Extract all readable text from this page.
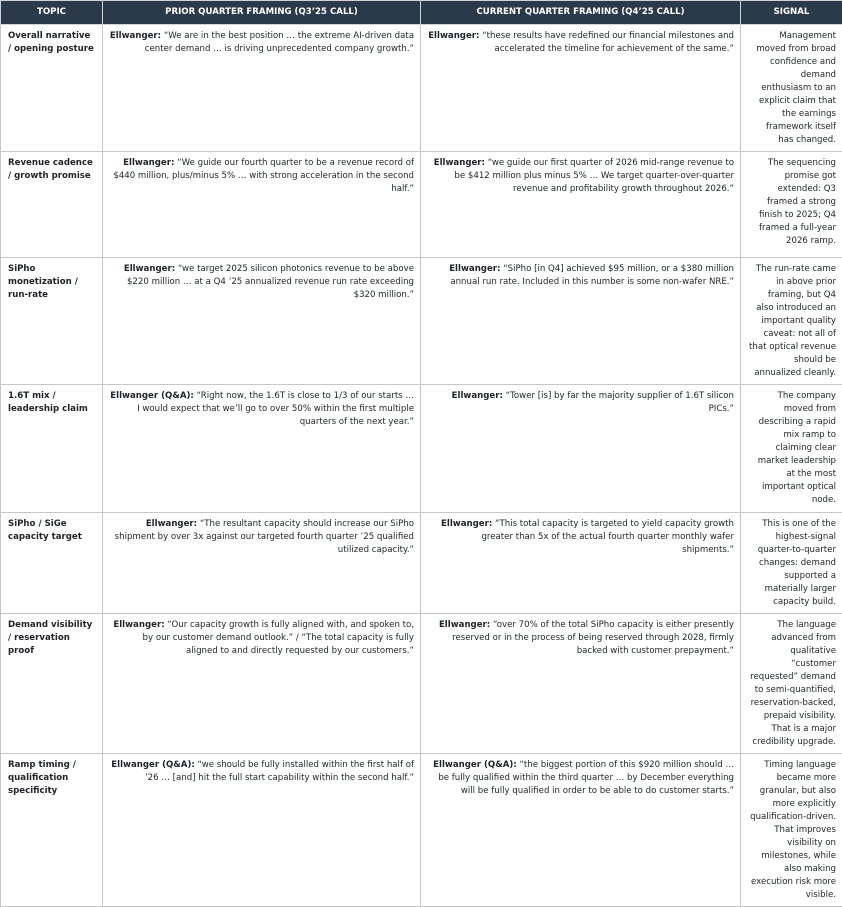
TOPIC	PRIOR QUARTER FRAMING (Q3’25 CALL)	CURRENT QUARTER FRAMING (Q4’25 CALL)	SIGNAL
Overall narrative / opening posture	Ellwanger: “We are in the best position … the extreme AI-driven data center demand … is driving unprecedented company growth.”	Ellwanger: “these results have redefined our financial milestones and accelerated the timeline for achievement of the same.”	Management moved from broad confidence and demand enthusiasm to an explicit claim that the earnings framework itself has changed.
Revenue cadence / growth promise	Ellwanger: “We guide our fourth quarter to be a revenue record of $440 million, plus/minus 5% … with strong acceleration in the second half.”	Ellwanger: “we guide our first quarter of 2026 mid-range revenue to be $412 million plus minus 5% … We target quarter-over-quarter revenue and profitability growth throughout 2026.”	The sequencing promise got extended: Q3 framed a strong finish to 2025; Q4 framed a full-year 2026 ramp.
SiPho monetization / run-rate	Ellwanger: “we target 2025 silicon photonics revenue to be above $220 million … at a Q4 ’25 annualized revenue run rate exceeding $320 million.”	Ellwanger: “SiPho [in Q4] achieved $95 million, or a $380 million annual run rate. Included in this number is some non-wafer NRE.”	The run-rate came in above prior framing, but Q4 also introduced an important quality caveat: not all of that optical revenue should be annualized cleanly.
1.6T mix / leadership claim	Ellwanger (Q&A): “Right now, the 1.6T is close to 1/3 of our starts … I would expect that we’ll go to over 50% within the first multiple quarters of the next year.”	Ellwanger: “Tower [is] by far the majority supplier of 1.6T silicon PICs.”	The company moved from describing a rapid mix ramp to claiming clear market leadership at the most important optical node.
SiPho / SiGe capacity target	Ellwanger: “The resultant capacity should increase our SiPho shipment by over 3x against our targeted fourth quarter ’25 qualified utilized capacity.”	Ellwanger: “This total capacity is targeted to yield capacity growth greater than 5x of the actual fourth quarter monthly wafer shipments.”	This is one of the highest-signal quarter-to-quarter changes: demand supported a materially larger capacity build.
Demand visibility / reservation proof	Ellwanger: “Our capacity growth is fully aligned with, and spoken to, by our customer demand outlook.” / “The total capacity is fully aligned to and directly requested by our customers.”	Ellwanger: “over 70% of the total SiPho capacity is either presently reserved or in the process of being reserved through 2028, firmly backed with customer prepayment.”	The language advanced from qualitative “customer requested” demand to semi-quantified, reservation-backed, prepaid visibility. That is a major credibility upgrade.
Ramp timing / qualification specificity	Ellwanger (Q&A): “we should be fully installed within the first half of ’26 … [and] hit the full start capability within the second half.”	Ellwanger (Q&A): “the biggest portion of this $920 million should … be fully qualified within the third quarter … by December everything will be fully qualified in order to be able to do customer starts.”	Timing language became more granular, but also more explicitly qualification-driven. That improves visibility on milestones, while also making execution risk more visible.
